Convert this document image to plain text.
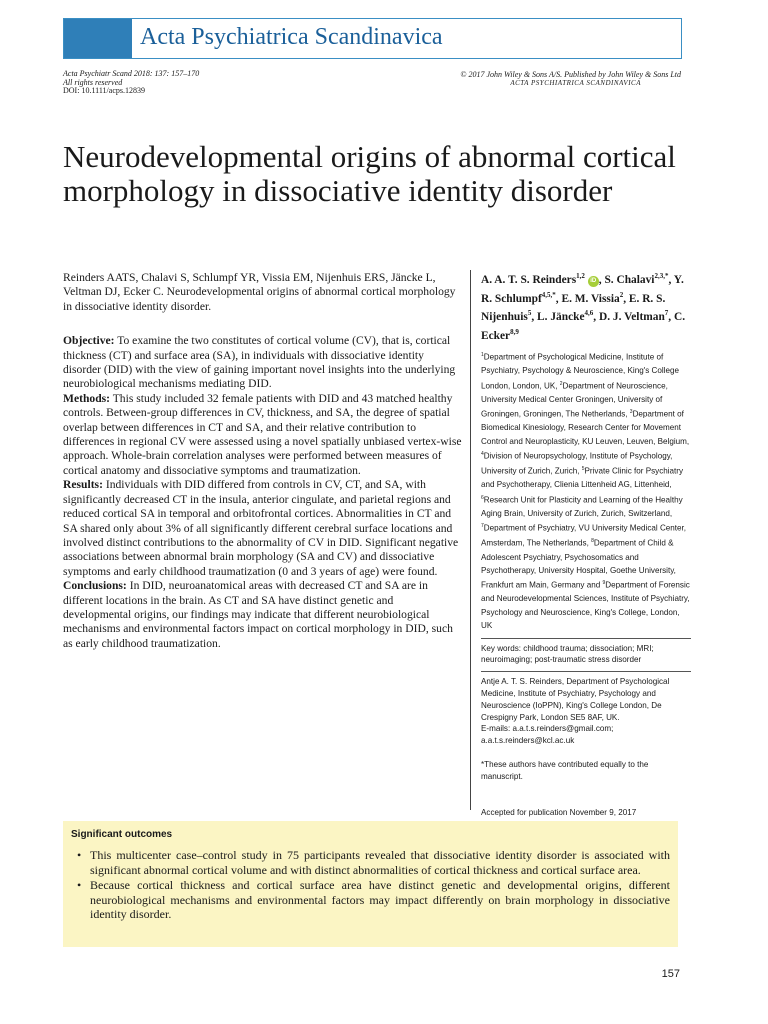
Acta Psychiatrica Scandinavica
Acta Psychiatr Scand 2018: 137: 157–170
All rights reserved
DOI: 10.1111/acps.12839
© 2017 John Wiley & Sons A/S. Published by John Wiley & Sons Ltd
ACTA PSYCHIATRICA SCANDINAVICA
Neurodevelopmental origins of abnormal cortical morphology in dissociative identity disorder

Reinders AATS, Chalavi S, Schlumpf YR, Vissia EM, Nijenhuis ERS, Jäncke L, Veltman DJ, Ecker C. Neurodevelopmental origins of abnormal cortical morphology in dissociative identity disorder.

Objective: To examine the two constitutes of cortical volume (CV), that is, cortical thickness (CT) and surface area (SA), in individuals with dissociative identity disorder (DID) with the view of gaining important novel insights into the underlying neurobiological mechanisms mediating DID.

Methods: This study included 32 female patients with DID and 43 matched healthy controls. Between-group differences in CV, thickness, and SA, the degree of spatial overlap between differences in CT and SA, and their relative contribution to differences in regional CV were assessed using a novel spatially unbiased vertex-wise approach. Whole-brain correlation analyses were performed between measures of cortical anatomy and dissociative symptoms and traumatization.

Results: Individuals with DID differed from controls in CV, CT, and SA, with significantly decreased CT in the insula, anterior cingulate, and parietal regions and reduced cortical SA in temporal and orbitofrontal cortices. Abnormalities in CT and SA shared only about 3% of all significantly different cerebral surface locations and involved distinct contributions to the abnormality of CV in DID. Significant negative associations between abnormal brain morphology (SA and CV) and dissociative symptoms and early childhood traumatization (0 and 3 years of age) were found.

Conclusions: In DID, neuroanatomical areas with decreased CT and SA are in different locations in the brain. As CT and SA have distinct genetic and developmental origins, our findings may indicate that different neurobiological mechanisms and environmental factors impact on cortical morphology in DID, such as early childhood traumatization.

A. A. T. S. Reinders$^{1,2}$ iD , S. Chalavi$^{2,3,*}$, Y. R. Schlumpf$^{4,5,*}$, E. M. Vissia$^2$, E. R. S. Nijenhuis$^5$, L. Jäncke$^{4,6}$, D. J. Veltman$^7$, C. Ecker$^{8,9}$

$^1$Department of Psychological Medicine, Institute of Psychiatry, Psychology & Neuroscience, King's College London, London, UK, $^2$Department of Neuroscience, University Medical Center Groningen, University of Groningen, Groningen, The Netherlands, $^3$Department of Biomedical Kinesiology, Research Center for Movement Control and Neuroplasticity, KU Leuven, Leuven, Belgium, $^4$Division of Neuropsychology, Institute of Psychology, University of Zurich, Zurich, $^5$Private Clinic for Psychiatry and Psychotherapy, Clienia Littenheid AG, Littenheid, $^6$Research Unit for Plasticity and Learning of the Healthy Aging Brain, University of Zurich, Zurich, Switzerland, $^7$Department of Psychiatry, VU University Medical Center, Amsterdam, The Netherlands, $^8$Department of Child & Adolescent Psychiatry, Psychosomatics and Psychotherapy, University Hospital, Goethe University, Frankfurt am Main, Germany and $^9$Department of Forensic and Neurodevelopmental Sciences, Institute of Psychiatry, Psychology and Neuroscience, King's College, London, UK

Key words: childhood trauma; dissociation; MRI; neuroimaging; post-traumatic stress disorder

Antje A. T. S. Reinders, Department of Psychological Medicine, Institute of Psychiatry, Psychology and Neuroscience (IoPPN), King's College London, De Crespigny Park, London SE5 8AF, UK.

E-mails: a.a.t.s.reinders@gmail.com;

a.a.t.s.reinders@kcl.ac.uk

*These authors have contributed equally to the manuscript.

Accepted for publication November 9, 2017

Significant outcomes

• This multicenter case–control study in 75 participants revealed that dissociative identity disorder is associated with significant abnormal cortical volume and with distinct abnormalities of cortical thickness and cortical surface area.
• Because cortical thickness and cortical surface area have distinct genetic and developmental origins, different neurobiological mechanisms and environmental factors may impact differently on brain morphology in dissociative identity disorder.
157
